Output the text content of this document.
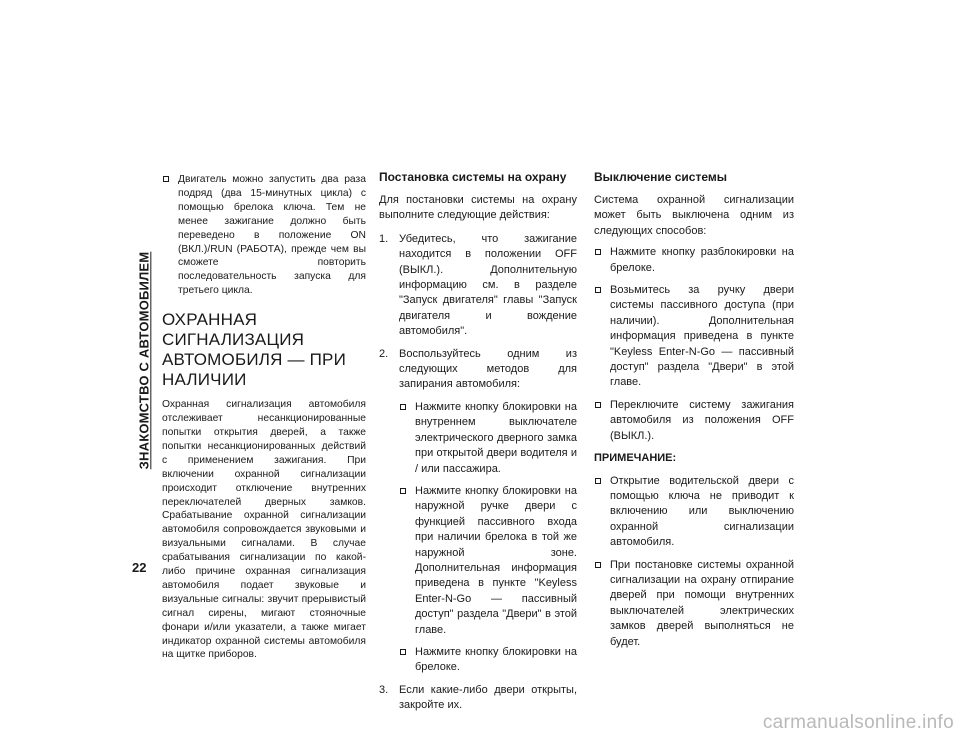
ЗНАКОМСТВО С АВТОМОБИЛЕМ
22
Двигатель можно запустить два раза подряд (два 15-минутных цикла) с помощью брелока ключа. Тем не менее зажигание должно быть переведено в положение ON (ВКЛ.)/RUN (РАБОТА), прежде чем вы сможете повторить последовательность запуска для третьего цикла.
ОХРАННАЯ СИГНАЛИЗАЦИЯ АВТОМОБИЛЯ — ПРИ НАЛИЧИИ

Охранная сигнализация автомобиля отслеживает несанкционированные попытки открытия дверей, а также попытки несанкционированных действий с применением зажигания. При включении охранной сигнализации происходит отключение внутренних переключателей дверных замков. Срабатывание охранной сигнализации автомобиля сопровождается звуковыми и визуальными сигналами. В случае срабатывания сигнализации по какой-либо причине охранная сигнализация автомобиля подает звуковые и визуальные сигналы: звучит прерывистый сигнал сирены, мигают стояночные фонари и/или указатели, а также мигает индикатор охранной системы автомобиля на щитке приборов.

Постановка системы на охрану

Для постановки системы на охрану выполните следующие действия:

1. Убедитесь, что зажигание находится в положении OFF (ВЫКЛ.). Дополнительную информацию см. в разделе "Запуск двигателя" главы "Запуск двигателя и вождение автомобиля".
2. Воспользуйтесь одним из следующих методов для запирания автомобиля:
Нажмите кнопку блокировки на внутреннем выключателе электрического дверного замка при открытой двери водителя и / или пассажира.
Нажмите кнопку блокировки на наружной ручке двери с функцией пассивного входа при наличии брелока в той же наружной зоне. Дополнительная информация приведена в пункте "Keyless Enter-N-Go — пассивный доступ" раздела "Двери" в этой главе.
Нажмите кнопку блокировки на брелоке.
3. Если какие-либо двери открыты, закройте их.
Выключение системы

Система охранной сигнализации может быть выключена одним из следующих способов:

Нажмите кнопку разблокировки на брелоке.
Возьмитесь за ручку двери системы пассивного доступа (при наличии). Дополнительная информация приведена в пункте "Keyless Enter-N-Go — пассивный доступ" раздела "Двери" в этой главе.
Переключите систему зажигания автомобиля из положения OFF (ВЫКЛ.).
ПРИМЕЧАНИЕ:
Открытие водительской двери с помощью ключа не приводит к включению или выключению охранной сигнализации автомобиля.
При постановке системы охранной сигнализации на охрану отпирание дверей при помощи внутренних выключателей электрических замков дверей выполняться не будет.
carmanualsonline.info
